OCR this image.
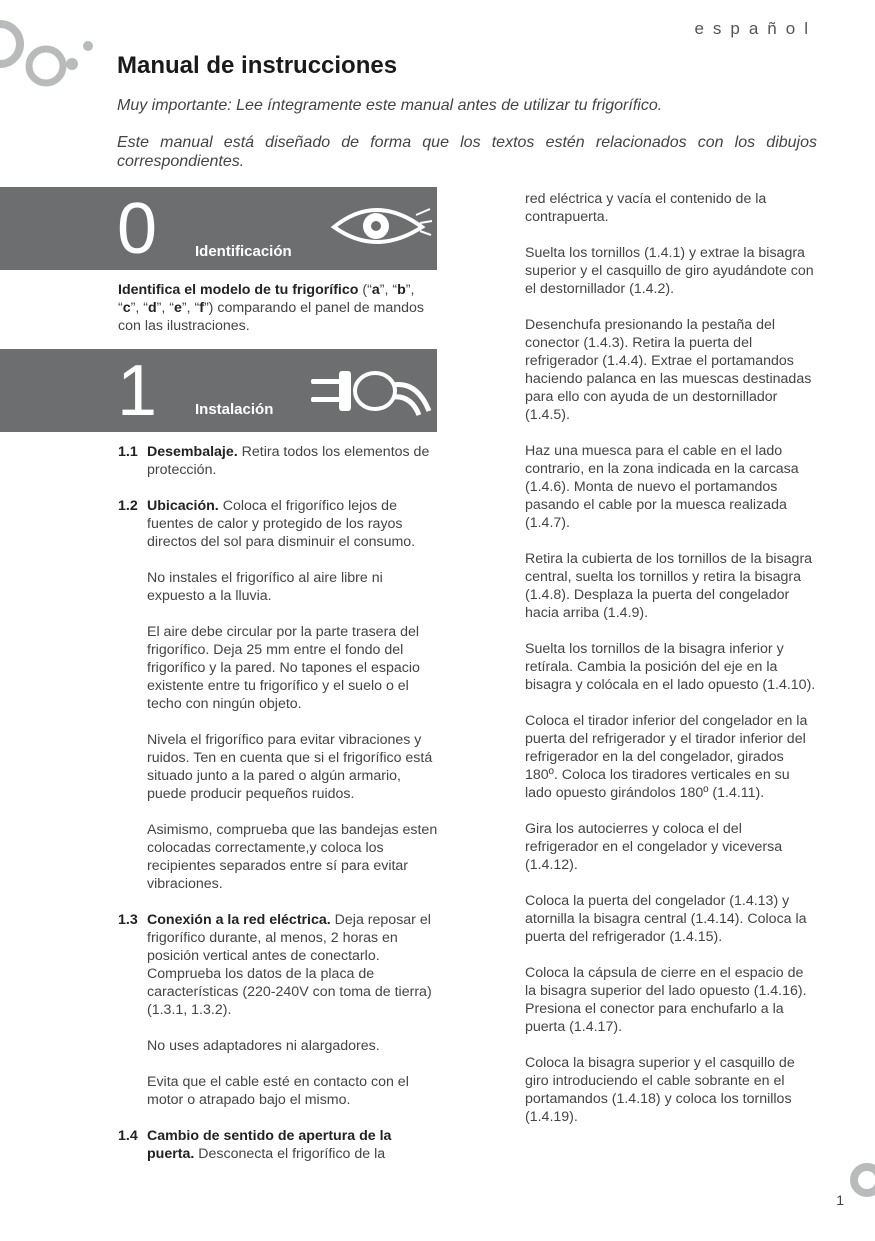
español
Manual de instrucciones

Muy importante: Lee íntegramente este manual antes de utilizar tu frigorífico.

Este manual está diseñado de forma que los textos estén relacionados con los dibujos correspondientes.

0	Identificación

Identifica el modelo de tu frigorífico (“a”, “b”, “c”, “d”, “e”, “f”) comparando el panel de mandos con las ilustraciones.

1	Instalación
1.1 Desembalaje. Retira todos los elementos de protección.

1.2 Ubicación. Coloca el frigorífico lejos de fuentes de calor y protegido de los rayos directos del sol para disminuir el consumo.

No instales el frigorífico al aire libre ni expuesto a la lluvia.

El aire debe circular por la parte trasera del frigorífico. Deja 25 mm entre el fondo del frigorífico y la pared. No tapones el espacio existente entre tu frigorífico y el suelo o el techo con ningún objeto.

Nivela el frigorífico para evitar vibraciones y ruidos. Ten en cuenta que si el frigorífico está situado junto a la pared o algún armario, puede producir pequeños ruidos.

Asimismo, comprueba que las bandejas esten colocadas correctamente,y coloca los recipientes separados entre sí para evitar vibraciones.

1.3 Conexión a la red eléctrica. Deja reposar el frigorífico durante, al menos, 2 horas en posición vertical antes de conectarlo. Comprueba los datos de la placa de características (220-240V con toma de tierra) (1.3.1, 1.3.2).

No uses adaptadores ni alargadores.

Evita que el cable esté en contacto con el motor o atrapado bajo el mismo.

1.4 Cambio de sentido de apertura de la puerta. Desconecta el frigorífico de la

red eléctrica y vacía el contenido de la contrapuerta.

Suelta los tornillos (1.4.1) y extrae la bisagra superior y el casquillo de giro ayudándote con el destornillador (1.4.2).

Desenchufa presionando la pestaña del conector (1.4.3). Retira la puerta del refrigerador (1.4.4). Extrae el portamandos haciendo palanca en las muescas destinadas para ello con ayuda de un destornillador (1.4.5).

Haz una muesca para el cable en el lado contrario, en la zona indicada en la carcasa (1.4.6). Monta de nuevo el portamandos pasando el cable por la muesca realizada (1.4.7).

Retira la cubierta de los tornillos de la bisagra central, suelta los tornillos y retira la bisagra (1.4.8). Desplaza la puerta del congelador hacia arriba (1.4.9).

Suelta los tornillos de la bisagra inferior y retírala. Cambia la posición del eje en la bisagra y colócala en el lado opuesto (1.4.10).

Coloca el tirador inferior del congelador en la puerta del refrigerador y el tirador inferior del refrigerador en la del congelador, girados 180º. Coloca los tiradores verticales en su lado opuesto girándolos 180º (1.4.11).

Gira los autocierres y coloca el del refrigerador en el congelador y viceversa (1.4.12).

Coloca la puerta del congelador (1.4.13) y atornilla la bisagra central (1.4.14). Coloca la puerta del refrigerador (1.4.15).

Coloca la cápsula de cierre en el espacio de la bisagra superior del lado opuesto (1.4.16). Presiona el conector para enchufarlo a la puerta (1.4.17).

Coloca la bisagra superior y el casquillo de giro introduciendo el cable sobrante en el portamandos (1.4.18) y coloca los tornillos (1.4.19).

1
